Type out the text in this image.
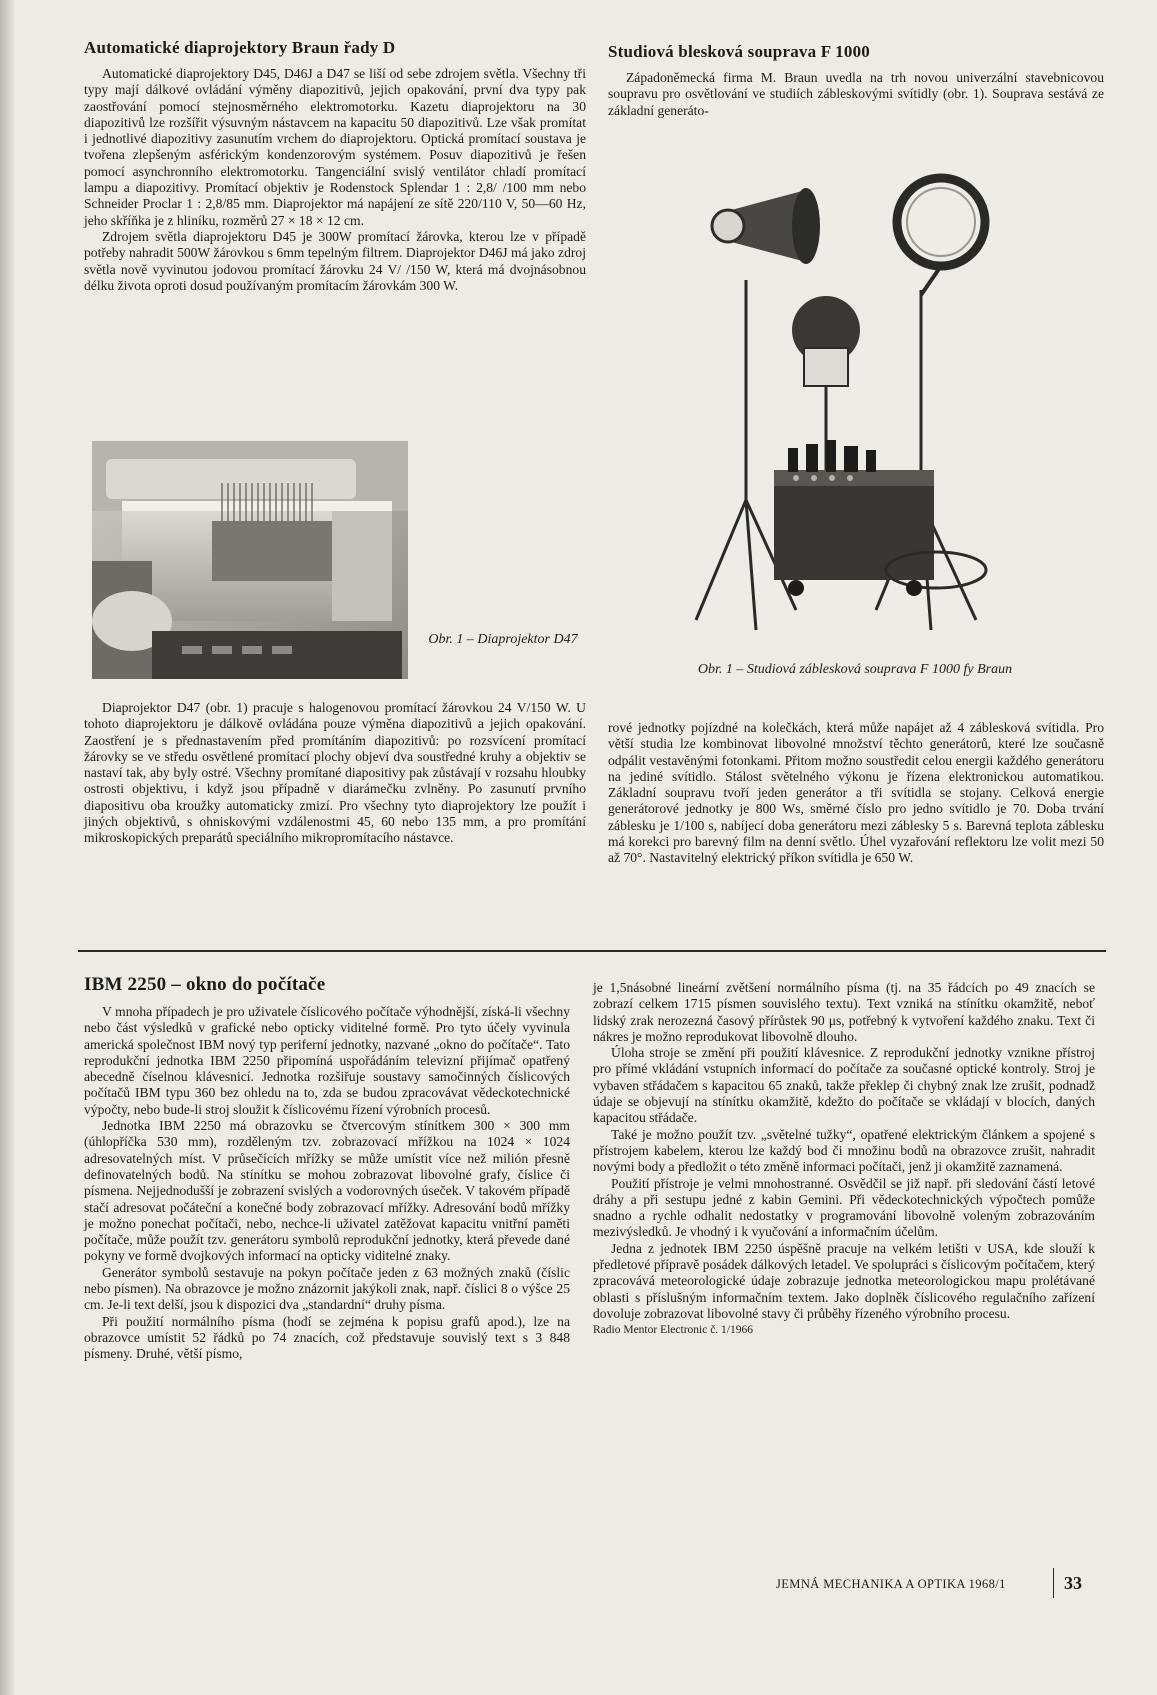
Automatické diaprojektory Braun řady D

Automatické diaprojektory D45, D46J a D47 se liší od sebe zdrojem světla. Všechny tři typy mají dálkové ovládání výměny diapozitivů, jejich opakování, první dva typy pak zaostřování pomocí stejnosměrného elektromotorku. Kazetu diaprojektoru na 30 diapozitivů lze rozšířit výsuvným nástavcem na kapacitu 50 diapozitivů. Lze však promítat i jednotlivé diapozitivy zasunutím vrchem do diaprojektoru. Optická promítací soustava je tvořena zlepšeným asférickým kondenzorovým systémem. Posuv diapozitivů je řešen pomocí asynchronního elektromotorku. Tangenciální svislý ventilátor chladí promítací lampu a diapozitivy. Promítací objektiv je Rodenstock Splendar 1 : 2,8/ /100 mm nebo Schneider Proclar 1 : 2,8/85 mm. Diaprojektor má napájení ze sítě 220/110 V, 50—60 Hz, jeho skříňka je z hliníku, rozměrů 27 × 18 × 12 cm.

Zdrojem světla diaprojektoru D45 je 300W promítací žárovka, kterou lze v případě potřeby nahradit 500W žárovkou s 6mm tepelným filtrem. Diaprojektor D46J má jako zdroj světla nově vyvinutou jodovou promítací žárovku 24 V/ /150 W, která má dvojnásobnou délku života oproti dosud používaným promítacím žárovkám 300 W.

Obr. 1 – Diaprojektor D47

Diaprojektor D47 (obr. 1) pracuje s halogenovou promítací žárovkou 24 V/150 W. U tohoto diaprojektoru je dálkově ovládána pouze výměna diapozitivů a jejich opakování. Zaostření je s přednastavením před promítáním diapozitivů: po rozsvícení promítací žárovky se ve středu osvětlené promítací plochy objeví dva soustředné kruhy a objektiv se nastaví tak, aby byly ostré. Všechny promítané diapositivy pak zůstávají v rozsahu hloubky ostrosti objektivu, i když jsou případně v diarámečku zvlněny. Po zasunutí prvního diapositivu oba kroužky automaticky zmizí. Pro všechny tyto diaprojektory lze použít i jiných objektivů, s ohniskovými vzdálenostmi 45, 60 nebo 135 mm, a pro promítání mikroskopických preparátů speciálního mikropromítacího nástavce.

Studiová blesková souprava F 1000

Západoněmecká firma M. Braun uvedla na trh novou univerzální stavebnicovou soupravu pro osvětlování ve studiích zábleskovými svítidly (obr. 1). Souprava sestává ze základní generáto-

Obr. 1 – Studiová záblesková souprava F 1000 fy Braun

rové jednotky pojízdné na kolečkách, která může napájet až 4 záblesková svítidla. Pro větší studia lze kombinovat libovolné množství těchto generátorů, které lze současně odpálit vestavěnými fotonkami. Přitom možno soustředit celou energii každého generátoru na jediné svítidlo. Stálost světelného výkonu je řízena elektronickou automatikou. Základní soupravu tvoří jeden generátor a tři svítidla se stojany. Celková energie generátorové jednotky je 800 Ws, směrné číslo pro jedno svítidlo je 70. Doba trvání záblesku je 1/100 s, nabíjecí doba generátoru mezi záblesky 5 s. Barevná teplota záblesku má korekci pro barevný film na denní světlo. Úhel vyzařování reflektoru lze volit mezi 50 až 70°. Nastavitelný elektrický příkon svítidla je 650 W.

IBM 2250 – okno do počítače

V mnoha případech je pro uživatele číslicového počítače výhodnější, získá-li všechny nebo část výsledků v grafické nebo opticky viditelné formě. Pro tyto účely vyvinula americká společnost IBM nový typ periferní jednotky, nazvané „okno do počítače“. Tato reprodukční jednotka IBM 2250 připomíná uspořádáním televizní přijímač opatřený abecedně číselnou klávesnicí. Jednotka rozšiřuje soustavy samočinných číslicových počítačů IBM typu 360 bez ohledu na to, zda se budou zpracovávat vědeckotechnické výpočty, nebo bude-li stroj sloužit k číslicovému řízení výrobních procesů.

Jednotka IBM 2250 má obrazovku se čtvercovým stínítkem 300 × 300 mm (úhlopříčka 530 mm), rozděleným tzv. zobrazovací mřížkou na 1024 × 1024 adresovatelných míst. V průsečících mřížky se může umístit více než milión přesně definovatelných bodů. Na stínítku se mohou zobrazovat libovolné grafy, číslice či písmena. Nejjednodušší je zobrazení svislých a vodorovných úseček. V takovém případě stačí adresovat počáteční a konečné body zobrazovací mřížky. Adresování bodů mřížky je možno ponechat počítači, nebo, nechce-li uživatel zatěžovat kapacitu vnitřní paměti počítače, může použít tzv. generátoru symbolů reprodukční jednotky, která převede dané pokyny ve formě dvojkových informací na opticky viditelné znaky.

Generátor symbolů sestavuje na pokyn počítače jeden z 63 možných znaků (číslic nebo písmen). Na obrazovce je možno znázornit jakýkoli znak, např. číslici 8 o výšce 25 cm. Je-li text delší, jsou k dispozici dva „standardní“ druhy písma.

Při použití normálního písma (hodí se zejména k popisu grafů apod.), lze na obrazovce umístit 52 řádků po 74 znacích, což představuje souvislý text s 3 848 písmeny. Druhé, větší písmo,

je 1,5násobné lineární zvětšení normálního písma (tj. na 35 řádcích po 49 znacích se zobrazí celkem 1715 písmen souvislého textu). Text vzniká na stínítku okamžitě, neboť lidský zrak nerozezná časový přírůstek 90 μs, potřebný k vytvoření každého znaku. Text či nákres je možno reprodukovat libovolně dlouho.

Úloha stroje se změní při použití klávesnice. Z reprodukční jednotky vznikne přístroj pro přímé vkládání vstupních informací do počítače za současné optické kontroly. Stroj je vybaven střádačem s kapacitou 65 znaků, takže překlep či chybný znak lze zrušit, podnadž údaje se objevují na stínítku okamžitě, kdežto do počítače se vkládají v blocích, daných kapacitou střádače.

Také je možno použít tzv. „světelné tužky“, opatřené elektrickým článkem a spojené s přístrojem kabelem, kterou lze každý bod či množinu bodů na obrazovce zrušit, nahradit novými body a předložit o této změně informaci počítači, jenž ji okamžitě zaznamená.

Použití přístroje je velmi mnohostranné. Osvědčil se již např. při sledování částí letové dráhy a při sestupu jedné z kabin Gemini. Při vědeckotechnických výpočtech pomůže snadno a rychle odhalit nedostatky v programování libovolně voleným zobrazováním mezivýsledků. Je vhodný i k vyučování a informačním účelům.

Jedna z jednotek IBM 2250 úspěšně pracuje na velkém letišti v USA, kde slouží k předletové přípravě posádek dálkových letadel. Ve spolupráci s číslicovým počítačem, který zpracovává meteorologické údaje zobrazuje jednotka meteorologickou mapu prolétávané oblasti s příslušným informačním textem. Jako doplněk číslicového regulačního zařízení dovoluje zobrazovat libovolné stavy či průběhy řízeného výrobního procesu.

Radio Mentor Electronic č. 1/1966
JEMNÁ MECHANIKA A OPTIKA 1968/1	33
